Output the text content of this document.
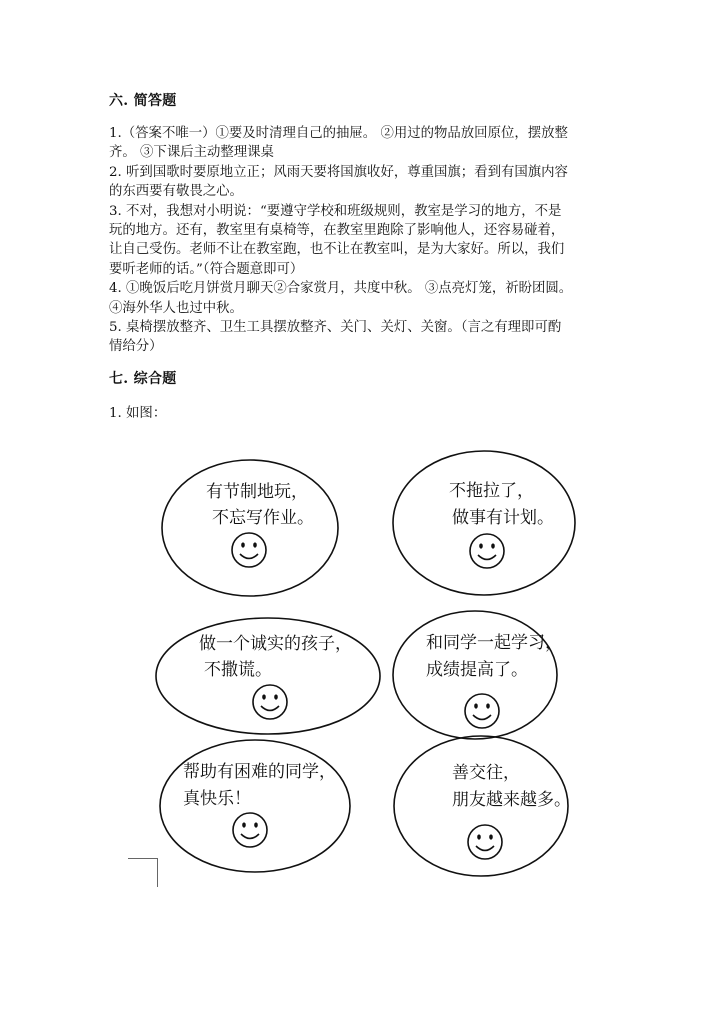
六. 简答题
1.（答案不唯一）①要及时清理自己的抽屉。 ②用过的物品放回原位，摆放整
齐。 ③下课后主动整理课桌
2. 听到国歌时要原地立正；风雨天要将国旗收好，尊重国旗；看到有国旗内容
的东西要有敬畏之心。
3. 不对，我想对小明说：“要遵守学校和班级规则，教室是学习的地方，不是
玩的地方。还有，教室里有桌椅等，在教室里跑除了影响他人，还容易碰着，
让自己受伤。老师不让在教室跑，也不让在教室叫，是为大家好。所以，我们
要听老师的话。”（符合题意即可）
4. ①晚饭后吃月饼赏月聊天②合家赏月，共度中秋。 ③点亮灯笼，祈盼团圆。
④海外华人也过中秋。
5. 桌椅摆放整齐、卫生工具摆放整齐、关门、关灯、关窗。（言之有理即可酌
情给分）
七. 综合题
1. 如图：
有节制地玩，
不忘写作业。
不拖拉了，
做事有计划。
做一个诚实的孩子，
不撒谎。
和同学一起学习，
成绩提高了。
帮助有困难的同学，
真快乐！
善交往，
朋友越来越多。
